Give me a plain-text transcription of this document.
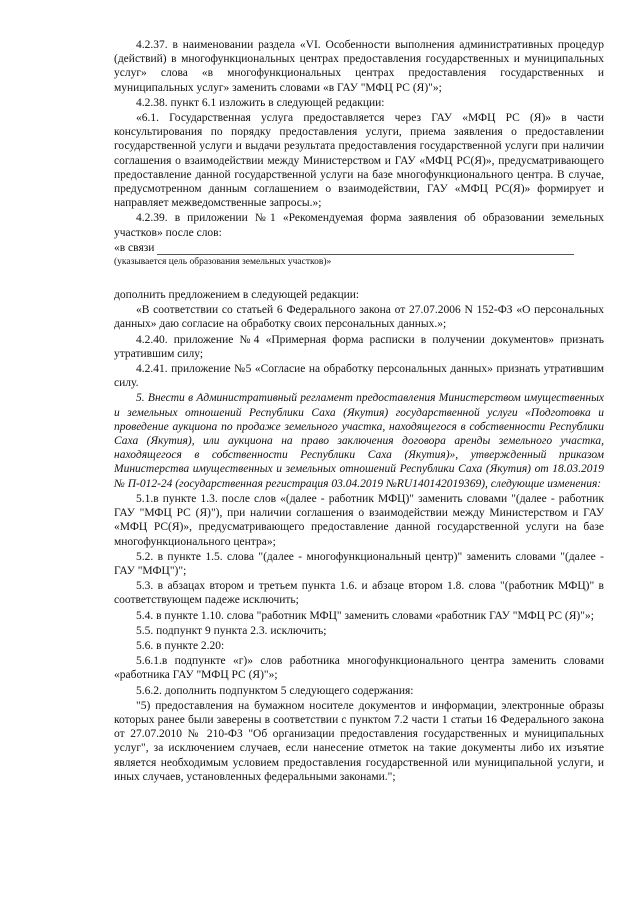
4.2.37. в наименовании раздела «VI. Особенности выполнения административных процедур (действий) в многофункциональных центрах предоставления государственных и муниципальных услуг» слова «в многофункциональных центрах предоставления государственных и муниципальных услуг» заменить словами «в ГАУ "МФЦ РС (Я)"»;

4.2.38. пункт 6.1 изложить в следующей редакции:

«6.1. Государственная услуга предоставляется через ГАУ «МФЦ РС (Я)» в части консультирования по порядку предоставления услуги, приема заявления о предоставлении государственной услуги и выдачи результата предоставления государственной услуги при наличии соглашения о взаимодействии между Министерством и ГАУ «МФЦ РС(Я)», предусматривающего предоставление данной государственной услуги на базе многофункционального центра. В случае, предусмотренном данным соглашением о взаимодействии, ГАУ «МФЦ РС(Я)» формирует и направляет межведомственные запросы.»;

4.2.39. в приложении №1 «Рекомендуемая форма заявления об образовании земельных участков» после слов:

«в связи
(указывается цель образования земельных участков)»

дополнить предложением в следующей редакции:

«В соответствии со статьей 6 Федерального закона от 27.07.2006 N 152-ФЗ «О персональных данных» даю согласие на обработку своих персональных данных.»;

4.2.40. приложение №4 «Примерная форма расписки в получении документов» признать утратившим силу;

4.2.41. приложение №5 «Согласие на обработку персональных данных» признать утратившим силу.

5. Внести в Административный регламент предоставления Министерством имущественных и земельных отношений Республики Саха (Якутия) государственной услуги «Подготовка и проведение аукциона по продаже земельного участка, находящегося в собственности Республики Саха (Якутия), или аукциона на право заключения договора аренды земельного участка, находящегося в собственности Республики Саха (Якутия)», утвержденный приказом Министерства имущественных и земельных отношений Республики Саха (Якутия) от 18.03.2019 № П-012-24 (государственная регистрация 03.04.2019 №RU140142019369), следующие изменения:

5.1.в пункте 1.3. после слов «(далее - работник МФЦ)" заменить словами "(далее - работник ГАУ "МФЦ РС (Я)"), при наличии соглашения о взаимодействии между Министерством и ГАУ «МФЦ РС(Я)», предусматривающего предоставление данной государственной услуги на базе многофункционального центра»;

5.2. в пункте 1.5. слова "(далее - многофункциональный центр)" заменить словами "(далее - ГАУ "МФЦ")";

5.3. в абзацах втором и третьем пункта 1.6. и абзаце втором 1.8. слова "(работник МФЦ)" в соответствующем падеже исключить;

5.4. в пункте 1.10. слова "работник МФЦ" заменить словами «работник ГАУ "МФЦ РС (Я)"»;

5.5. подпункт 9 пункта 2.3. исключить;

5.6. в пункте 2.20:

5.6.1.в подпункте «г)» слов работника многофункционального центра заменить словами «работника ГАУ "МФЦ РС (Я)"»;

5.6.2. дополнить подпунктом 5 следующего содержания:

"5) предоставления на бумажном носителе документов и информации, электронные образы которых ранее были заверены в соответствии с пунктом 7.2 части 1 статьи 16 Федерального закона от 27.07.2010 № 210-ФЗ "Об организации предоставления государственных и муниципальных услуг", за исключением случаев, если нанесение отметок на такие документы либо их изъятие является необходимым условием предоставления государственной или муниципальной услуги, и иных случаев, установленных федеральными законами.";
